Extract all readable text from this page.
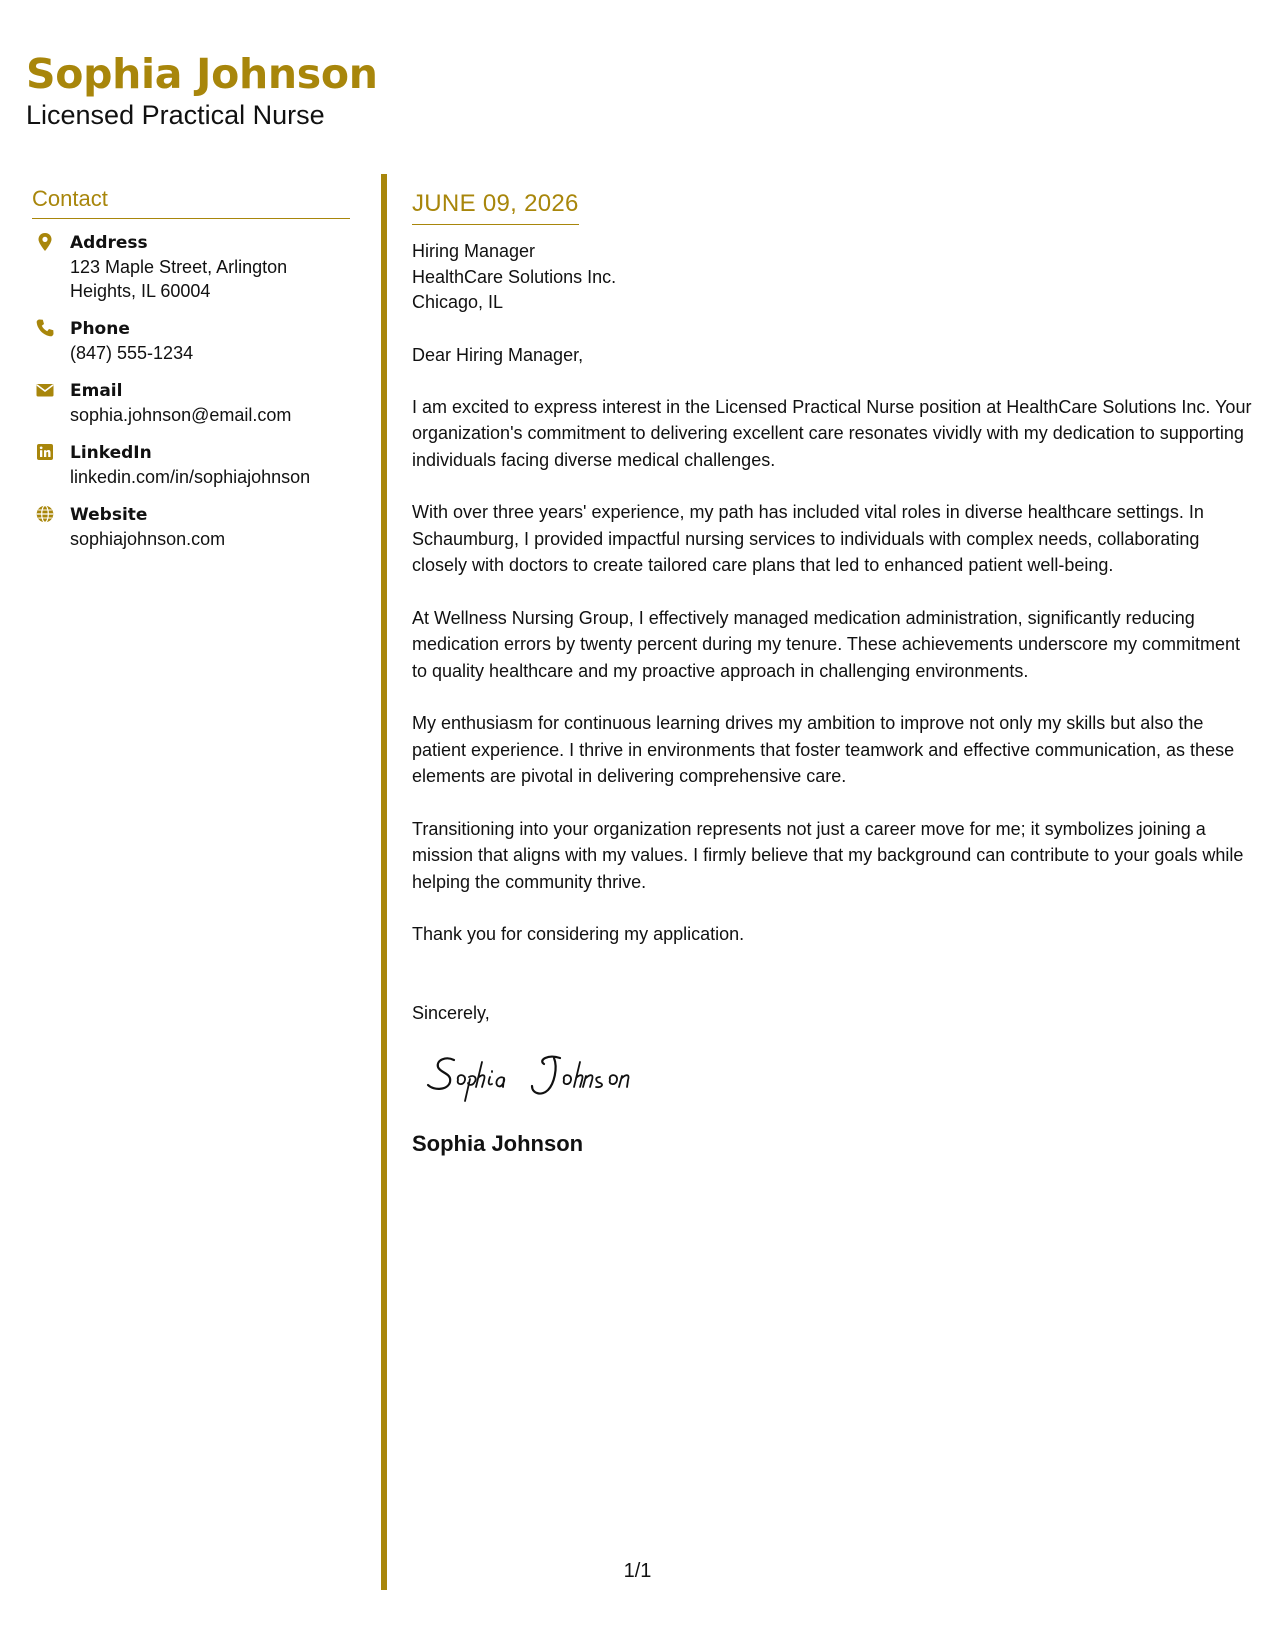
Sophia Johnson
Licensed Practical Nurse
Contact
Address
123 Maple Street, Arlington Heights, IL 60004
Phone
(847) 555-1234
Email
sophia.johnson@email.com
LinkedIn
linkedin.com/in/sophiajohnson
Website
sophiajohnson.com
JUNE 09, 2026
Hiring Manager
HealthCare Solutions Inc.
Chicago, IL
Dear Hiring Manager,
I am excited to express interest in the Licensed Practical Nurse position at HealthCare Solutions Inc. Your organization's commitment to delivering excellent care resonates vividly with my dedication to supporting individuals facing diverse medical challenges.
With over three years' experience, my path has included vital roles in diverse healthcare settings. In Schaumburg, I provided impactful nursing services to individuals with complex needs, collaborating closely with doctors to create tailored care plans that led to enhanced patient well-being.
At Wellness Nursing Group, I effectively managed medication administration, significantly reducing medication errors by twenty percent during my tenure. These achievements underscore my commitment to quality healthcare and my proactive approach in challenging environments.
My enthusiasm for continuous learning drives my ambition to improve not only my skills but also the patient experience. I thrive in environments that foster teamwork and effective communication, as these elements are pivotal in delivering comprehensive care.
Transitioning into your organization represents not just a career move for me; it symbolizes joining a mission that aligns with my values. I firmly believe that my background can contribute to your goals while helping the community thrive.
Thank you for considering my application.
Sincerely,
Sophia Johnson
1/1
